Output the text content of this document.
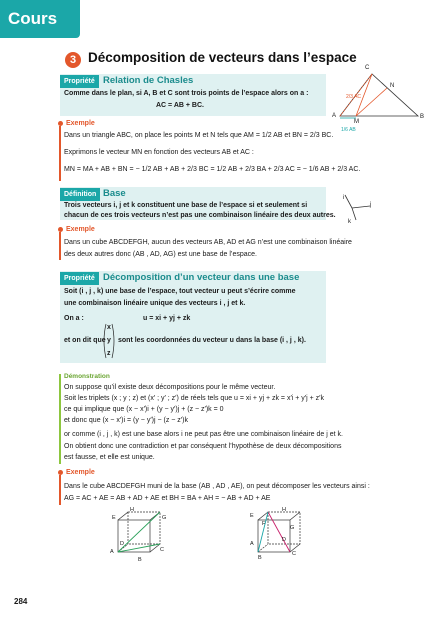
Cours
3 Décomposition de vecteurs dans l’espace
Propriété Relation de Chasles
Comme dans le plan, si A, B et C sont trois points de l’espace alors on a :
AC = AB + BC.
Exemple
Dans un triangle ABC, on place les points M et N tels que AM = 1/2 AB et BN = 2/3 BC.
Exprimons le vecteur MN en fonction des vecteurs AB et AC :
MN = MA + AB + BN = − 1/2 AB + AB + 2/3 BC = 1/2 AB + 2/3 BA + 2/3 AC = − 1/6 AB + 2/3 AC.
C
N
A	B
M
2/3 AC
1/6 AB
Définition Base
Trois vecteurs i, j et k constituent une base de l’espace si et seulement si
chacun de ces trois vecteurs n’est pas une combinaison linéaire des deux autres.
i
j
k
Exemple
Dans un cube ABCDEFGH, aucun des vecteurs AB, AD et AG n’est une combinaison linéaire
des deux autres donc (AB , AD, AG) est une base de l’espace.
Propriété Décomposition d’un vecteur dans une base
Soit (i , j , k) une base de l’espace, tout vecteur u peut s’écrire comme
une combinaison linéaire unique des vecteurs i , j et k.
On a :	u = xi + yj + zk
et on dit que
x
y
z
sont les coordonnées du vecteur u dans la base (i , j , k).
Démonstration
On suppose qu’il existe deux décompositions pour le même vecteur.
Soit les triplets (x ; y ; z) et (x′ ; y′ ; z′) de réels tels que u = xi + yj + zk = x′i + y′j + z′k
ce qui implique que (x − x′)i + (y − y′)j + (z − z′)k = 0
et donc que (x − x′)i = (y − y′)j − (z − z′)k
or comme (i , j , k) est une base alors i ne peut pas être une combinaison linéaire de j et k.
On obtient donc une contradiction et par conséquent l’hypothèse de deux décompositions
est fausse, et elle est unique.
Exemple
Dans le cube ABCDEFGH muni de la base (AB , AD , AE), on peut décomposer les vecteurs ainsi :
AG = AC + AE = AB + AD + AE et BH = BA + AH = − AB + AD + AE
E
H
G
D
A	C
B
E
H
F
G
D
A
B
C
284
